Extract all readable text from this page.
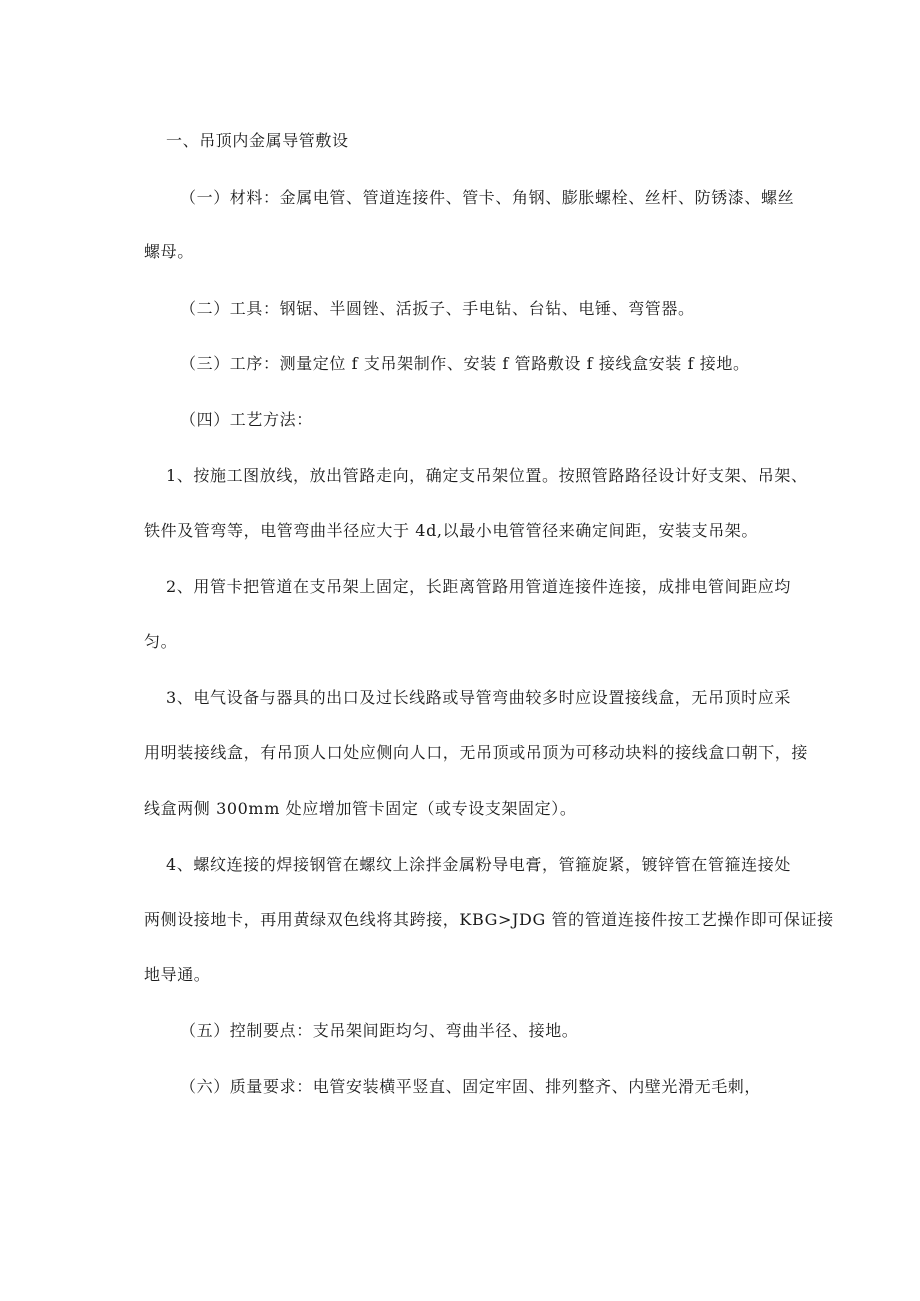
一、吊顶内金属导管敷设
（一）材料：金属电管、管道连接件、管卡、角钢、膨胀螺栓、丝杆、防锈漆、螺丝
螺母。
（二）工具：钢锯、半圆锉、活扳子、手电钻、台钻、电锤、弯管器。
（三）工序：测量定位 f 支吊架制作、安装 f 管路敷设 f 接线盒安装 f 接地。
（四）工艺方法：
1、按施工图放线，放出管路走向，确定支吊架位置。按照管路路径设计好支架、吊架、
铁件及管弯等，电管弯曲半径应大于 4d,以最小电管管径来确定间距，安装支吊架。
2、用管卡把管道在支吊架上固定，长距离管路用管道连接件连接，成排电管间距应均
匀。
3、电气设备与器具的出口及过长线路或导管弯曲较多时应设置接线盒，无吊顶时应采
用明装接线盒，有吊顶人口处应侧向人口，无吊顶或吊顶为可移动块料的接线盒口朝下，接
线盒两侧 300mm 处应增加管卡固定（或专设支架固定）。
4、螺纹连接的焊接钢管在螺纹上涂拌金属粉导电膏，管箍旋紧，镀锌管在管箍连接处
两侧设接地卡，再用黄绿双色线将其跨接，KBG>JDG 管的管道连接件按工艺操作即可保证接
地导通。
（五）控制要点：支吊架间距均匀、弯曲半径、接地。
（六）质量要求：电管安装横平竖直、固定牢固、排列整齐、内壁光滑无毛刺，
